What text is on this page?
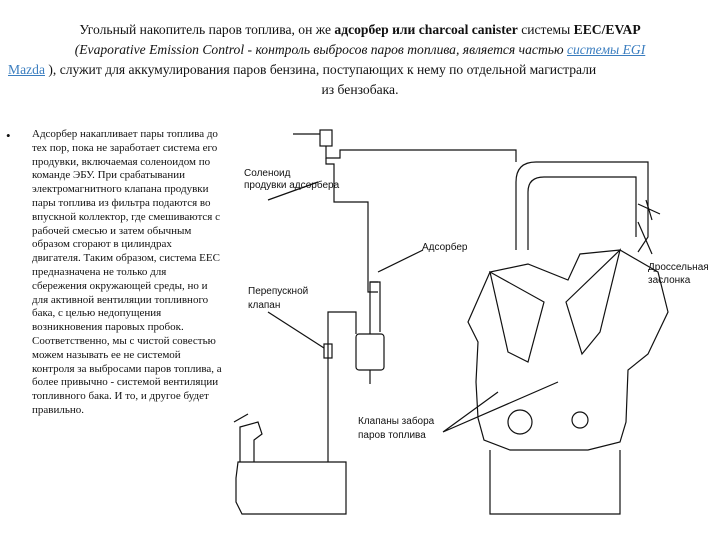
Угольный накопитель паров топлива, он же адсорбер или charcoal canister системы EEC/EVAP
(Evaporative Emission Control - контроль выбросов паров топлива, является частью системы EGI
Mazda ), служит для аккумулирования паров бензина, поступающих к нему по отдельной магистрали
из бензобака.
• Адсорбер накапливает пары топлива до тех пор, пока не заработает система его продувки, включаемая соленоидом по команде ЭБУ. При срабатывании электромагнитного клапана продувки пары топлива из фильтра подаются во впускной коллектор, где смешиваются с рабочей смесью и затем обычным образом сгорают в цилиндрах двигателя. Таким образом, система ЕЕС предназначена не только для сбережения окружающей среды, но и для активной вентиляции топливного бака, с целью недопущения возникновения паровых пробок. Соответственно, мы с чистой совестью можем называть ее не системой контроля за выбросами паров топлива, а более привычно - системой вентиляции топливного бака. И то, и другое будет правильно.
Соленоид
продувки адсорбера
Адсорбер
Дроссельная
заслонка
Перепускной
клапан
Клапаны забора
паров топлива
